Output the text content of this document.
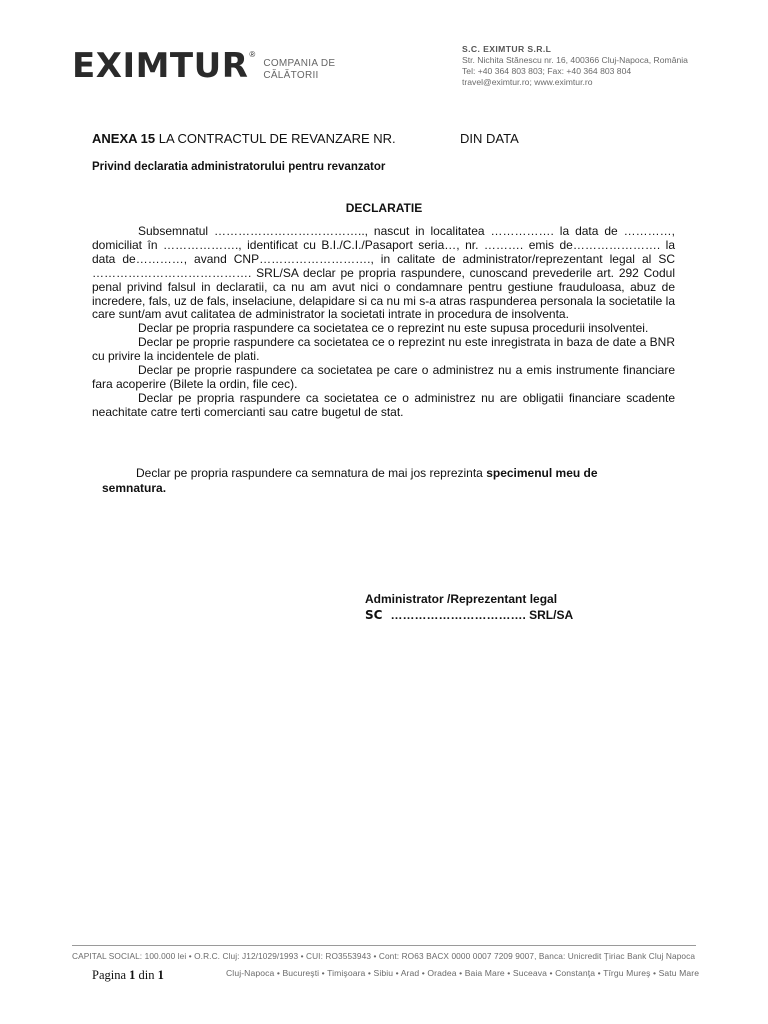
EXIMTUR ®
COMPANIA DE
CĂLĂTORII
S.C. EXIMTUR S.R.L
Str. Nichita Stănescu nr. 16, 400366 Cluj-Napoca, România
Tel: +40 364 803 803; Fax: +40 364 803 804
travel@eximtur.ro; www.eximtur.ro
ANEXA 15 LA CONTRACTUL DE REVANZARE NR.	DIN DATA
Privind declaratia administratorului pentru revanzator
DECLARATIE

Subsemnatul ……………………………….., nascut in localitatea ……………. la data de …………, domiciliat în ………………., identificat cu B.I./C.I./Pasaport seria…, nr. ………. emis de…………………. la data de…………, avand CNP………………………., in calitate de administrator/reprezentant legal al SC …………………………………. SRL/SA declar pe propria raspundere, cunoscand prevederile art. 292 Codul penal privind falsul in declaratii, ca nu am avut nici o condamnare pentru gestiune frauduloasa, abuz de incredere, fals, uz de fals, inselaciune, delapidare si ca nu mi s-a atras raspunderea personala la societatile la care sunt/am avut calitatea de administrator la societati intrate in procedura de insolventa.

Declar pe propria raspundere ca societatea ce o reprezint nu este supusa procedurii insolventei.

Declar pe proprie raspundere ca societatea ce o reprezint nu este inregistrata in baza de date a BNR cu privire la incidentele de plati.

Declar pe proprie raspundere ca societatea pe care o administrez nu a emis instrumente financiare fara acoperire (Bilete la ordin, file cec).

Declar pe propria raspundere ca societatea ce o administrez nu are obligatii financiare scadente neachitate catre terti comercianti sau catre bugetul de stat.

Declar pe propria raspundere ca semnatura de mai jos reprezinta specimenul meu de

semnatura.

Administrator /Reprezentant legal
SC ……………………………. SRL/SA
CAPITAL SOCIAL: 100.000 lei • O.R.C. Cluj: J12/1029/1993 • CUI: RO3553943 • Cont: RO63 BACX 0000 0007 7209 9007, Banca: Unicredit Ţiriac Bank Cluj Napoca
Pagina 1 din 1	Cluj-Napoca • Bucureşti • Timişoara • Sibiu • Arad • Oradea • Baia Mare • Suceava • Constanţa • Tîrgu Mureş • Satu Mare
